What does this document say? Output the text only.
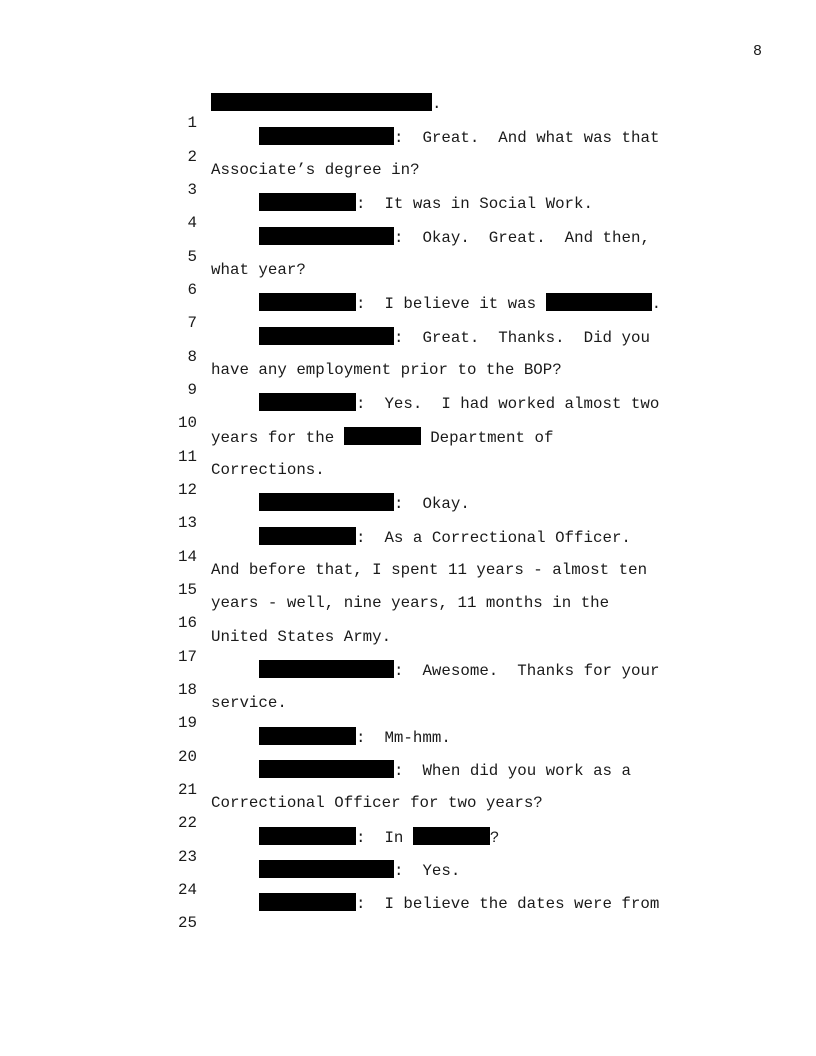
8

1

.

2

:  Great.  And what was that

3

Associate’s degree in?

4

:  It was in Social Work.

5

:  Okay.  Great.  And then,

6

what year?

7

:  I believe it was	.

8

:  Great.  Thanks.  Did you

9

have any employment prior to the BOP?

10

:  Yes.  I had worked almost two

11

years for the	Department of

12

Corrections.

13

:  Okay.

14

:  As a Correctional Officer.

15

And before that, I spent 11 years - almost ten

16

years - well, nine years, 11 months in the

17

United States Army.

18

:  Awesome.  Thanks for your

19

service.

20

:  Mm-hmm.

21

:  When did you work as a

22

Correctional Officer for two years?

23

:  In	?

24

:  Yes.

25

:  I believe the dates were from
